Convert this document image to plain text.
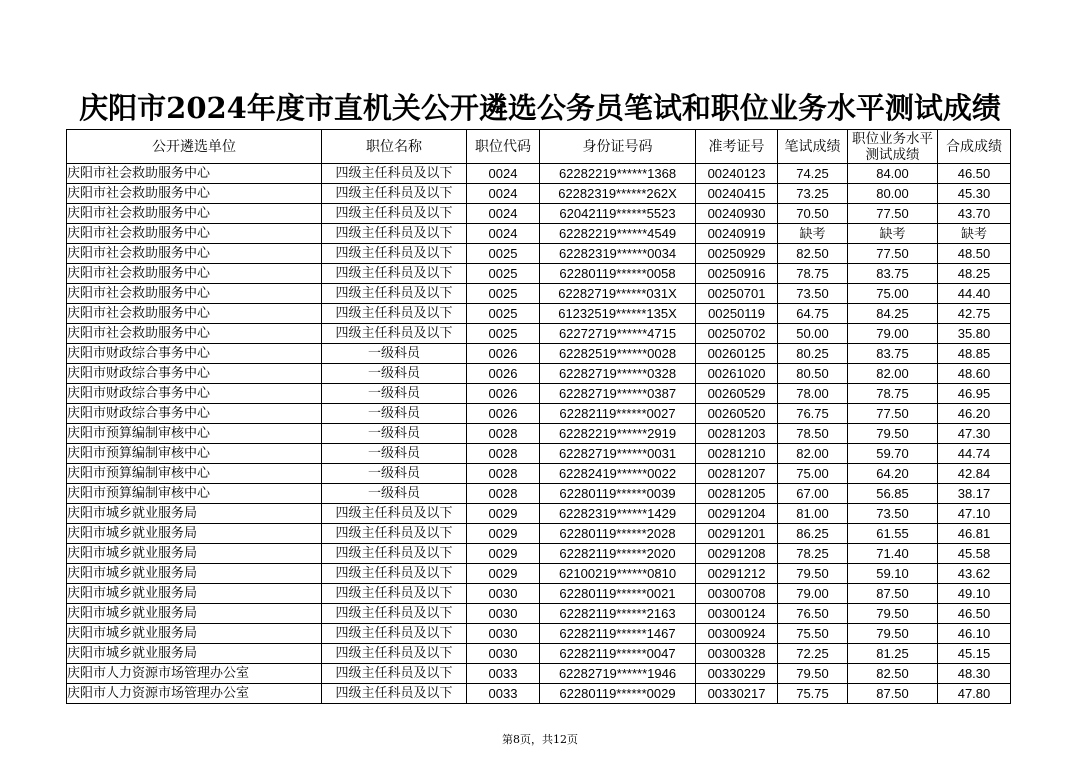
庆阳市2024年度市直机关公开遴选公务员笔试和职位业务水平测试成绩
公开遴选单位	职位名称	职位代码	身份证号码	准考证号	笔试成绩	职位业务水平测试成绩	合成成绩
庆阳市社会救助服务中心	四级主任科员及以下	0024	62282219******1368	00240123	74.25	84.00	46.50
庆阳市社会救助服务中心	四级主任科员及以下	0024	62282319******262X	00240415	73.25	80.00	45.30
庆阳市社会救助服务中心	四级主任科员及以下	0024	62042119******5523	00240930	70.50	77.50	43.70
庆阳市社会救助服务中心	四级主任科员及以下	0024	62282219******4549	00240919	缺考	缺考	缺考
庆阳市社会救助服务中心	四级主任科员及以下	0025	62282319******0034	00250929	82.50	77.50	48.50
庆阳市社会救助服务中心	四级主任科员及以下	0025	62280119******0058	00250916	78.75	83.75	48.25
庆阳市社会救助服务中心	四级主任科员及以下	0025	62282719******031X	00250701	73.50	75.00	44.40
庆阳市社会救助服务中心	四级主任科员及以下	0025	61232519******135X	00250119	64.75	84.25	42.75
庆阳市社会救助服务中心	四级主任科员及以下	0025	62272719******4715	00250702	50.00	79.00	35.80
庆阳市财政综合事务中心	一级科员	0026	62282519******0028	00260125	80.25	83.75	48.85
庆阳市财政综合事务中心	一级科员	0026	62282719******0328	00261020	80.50	82.00	48.60
庆阳市财政综合事务中心	一级科员	0026	62282719******0387	00260529	78.00	78.75	46.95
庆阳市财政综合事务中心	一级科员	0026	62282119******0027	00260520	76.75	77.50	46.20
庆阳市预算编制审核中心	一级科员	0028	62282219******2919	00281203	78.50	79.50	47.30
庆阳市预算编制审核中心	一级科员	0028	62282719******0031	00281210	82.00	59.70	44.74
庆阳市预算编制审核中心	一级科员	0028	62282419******0022	00281207	75.00	64.20	42.84
庆阳市预算编制审核中心	一级科员	0028	62280119******0039	00281205	67.00	56.85	38.17
庆阳市城乡就业服务局	四级主任科员及以下	0029	62282319******1429	00291204	81.00	73.50	47.10
庆阳市城乡就业服务局	四级主任科员及以下	0029	62280119******2028	00291201	86.25	61.55	46.81
庆阳市城乡就业服务局	四级主任科员及以下	0029	62282119******2020	00291208	78.25	71.40	45.58
庆阳市城乡就业服务局	四级主任科员及以下	0029	62100219******0810	00291212	79.50	59.10	43.62
庆阳市城乡就业服务局	四级主任科员及以下	0030	62280119******0021	00300708	79.00	87.50	49.10
庆阳市城乡就业服务局	四级主任科员及以下	0030	62282119******2163	00300124	76.50	79.50	46.50
庆阳市城乡就业服务局	四级主任科员及以下	0030	62282119******1467	00300924	75.50	79.50	46.10
庆阳市城乡就业服务局	四级主任科员及以下	0030	62282119******0047	00300328	72.25	81.25	45.15
庆阳市人力资源市场管理办公室	四级主任科员及以下	0033	62282719******1946	00330229	79.50	82.50	48.30
庆阳市人力资源市场管理办公室	四级主任科员及以下	0033	62280119******0029	00330217	75.75	87.50	47.80
第8页，共12页
